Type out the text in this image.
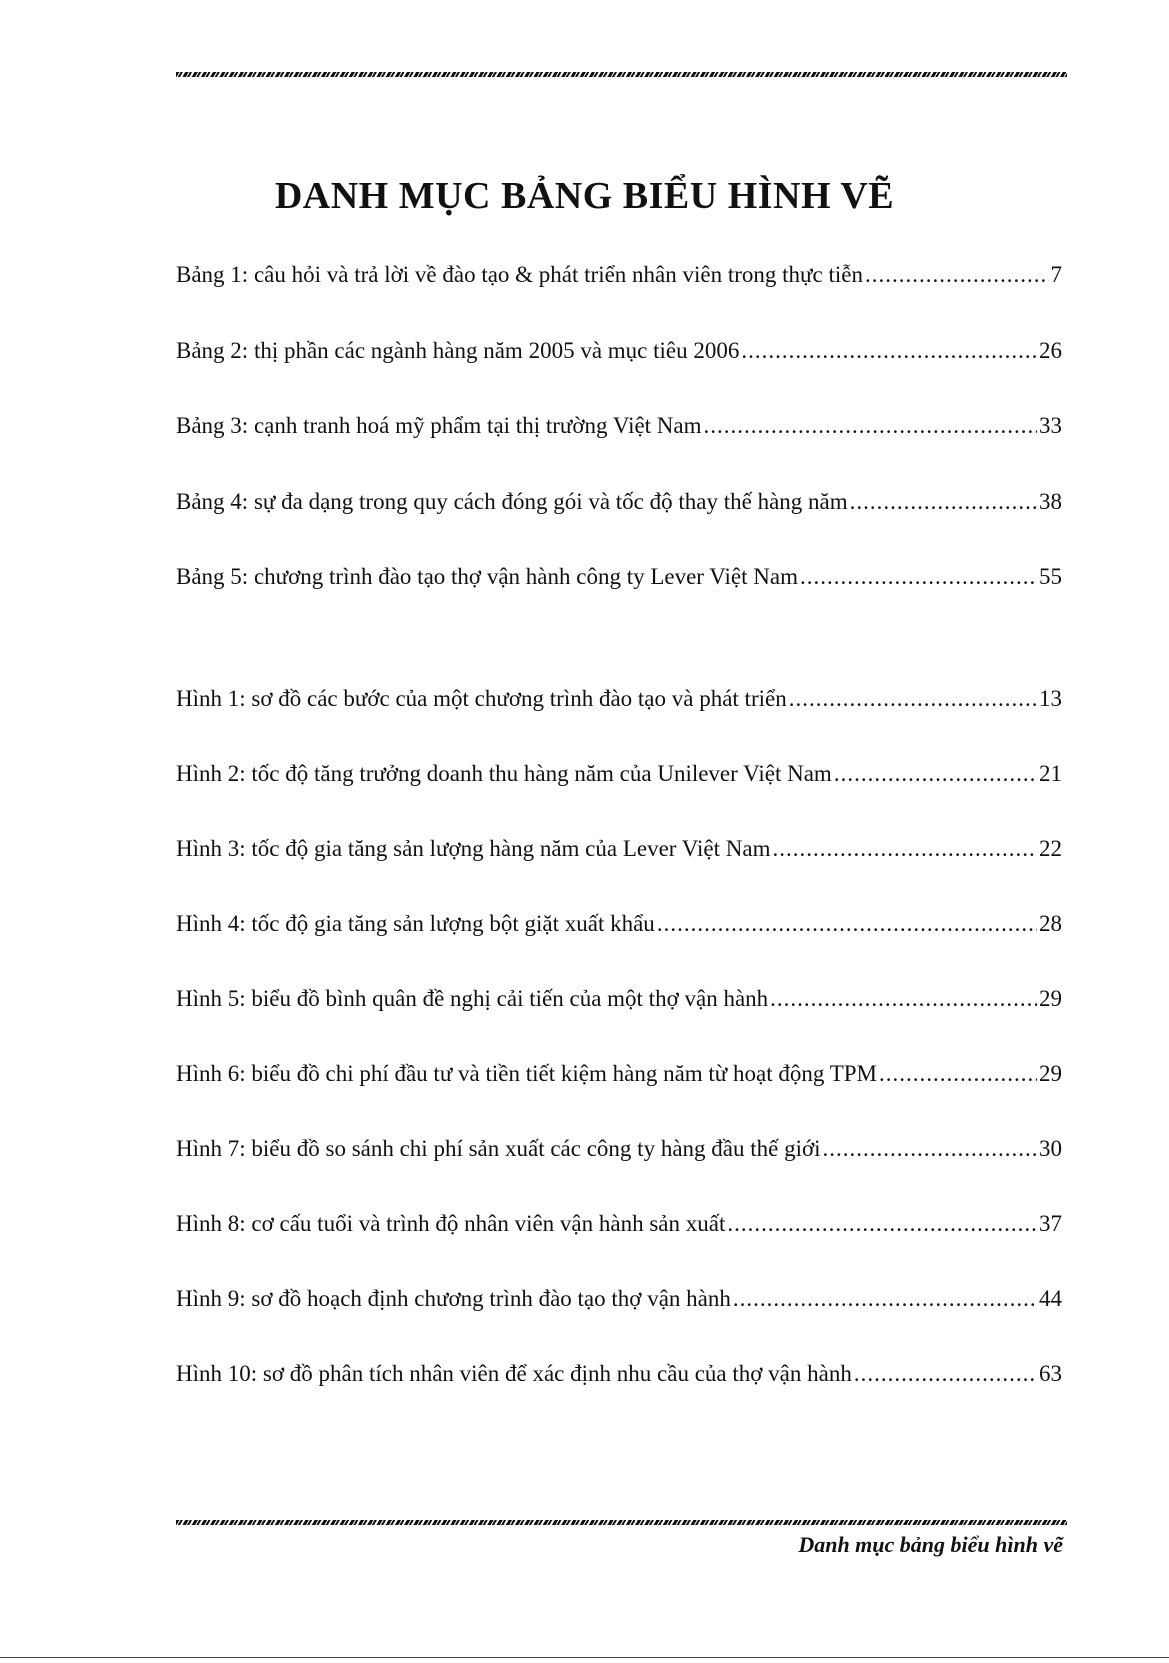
DANH MỤC BẢNG BIỂU HÌNH VẼ
Bảng 1: câu hỏi và trả lời về đào tạo & phát triển nhân viên trong thực tiễn .....	7
Bảng 2: thị phần các ngành hàng năm 2005 và mục tiêu 2006 .....	26
Bảng 3: cạnh tranh hoá mỹ phẩm tại thị trường Việt Nam .....	33
Bảng 4: sự đa dạng trong quy cách đóng gói và tốc độ thay thế hàng năm .....	38
Bảng 5: chương trình đào tạo thợ vận hành công ty Lever Việt Nam .....	55
Hình 1: sơ đồ các bước của một chương trình đào tạo và phát triển .....	13
Hình 2: tốc độ tăng trưởng doanh thu hàng năm của Unilever Việt Nam .....	21
Hình 3: tốc độ gia tăng sản lượng hàng năm của Lever Việt Nam .....	22
Hình 4: tốc độ gia tăng sản lượng bột giặt xuất khẩu .....	28
Hình 5: biểu đồ bình quân đề nghị cải tiến của một thợ vận hành .....	29
Hình 6: biểu đồ chi phí đầu tư và tiền tiết kiệm hàng năm từ hoạt động TPM .....	29
Hình 7: biểu đồ so sánh chi phí sản xuất các công ty hàng đầu thế giới .....	30
Hình 8: cơ cấu tuổi và trình độ nhân viên vận hành sản xuất .....	37
Hình 9: sơ đồ hoạch định chương trình đào tạo thợ vận hành .....	44
Hình 10: sơ đồ phân tích nhân viên để xác định nhu cầu của thợ vận hành .....	63
Danh mục bảng biểu hình vẽ
